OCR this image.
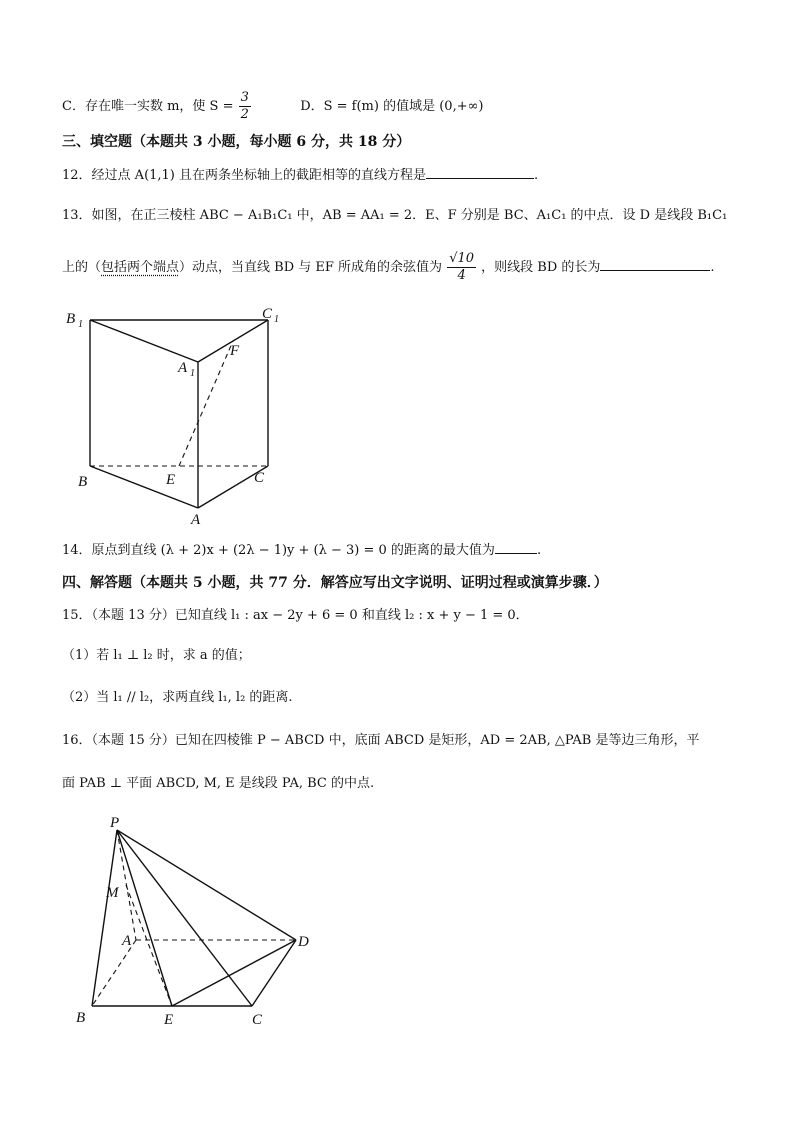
C．存在唯一实数 m，使 $S = \frac{3}{2}$	D．S = f(m) 的值域是 (0,+∞)
三、填空题（本题共 3 小题，每小题 6 分，共 18 分）
12．经过点 A(1,1) 且在两条坐标轴上的截距相等的直线方程是	.
13．如图，在正三棱柱 ABC − A₁B₁C₁ 中，AB = AA₁ = 2．E、F 分别是 BC、A₁C₁ 的中点．设 D 是线段 B₁C₁
上的（包括两个端点）动点，当直线 BD 与 EF 所成角的余弦值为 $\frac{√10}{4}$ ，则线段 BD 的长为	.
B 1
C 1
F
A 1
B	E	C
A
14．原点到直线 (λ + 2)x + (2λ − 1)y + (λ − 3) = 0 的距离的最大值为	.
四、解答题（本题共 5 小题，共 77 分．解答应写出文字说明、证明过程或演算步骤．）
15．（本题 13 分）已知直线 l₁ : ax − 2y + 6 = 0 和直线 l₂ : x + y − 1 = 0．
（1）若 l₁ ⊥ l₂ 时，求 a 的值；
（2）当 l₁ // l₂，求两直线 l₁, l₂ 的距离.
16．（本题 15 分）已知在四棱锥 P − ABCD 中，底面 ABCD 是矩形，AD = 2AB, △PAB 是等边三角形，平
面 PAB ⊥ 平面 ABCD, M, E 是线段 PA, BC 的中点.
P
M
A	D
B	E	C
